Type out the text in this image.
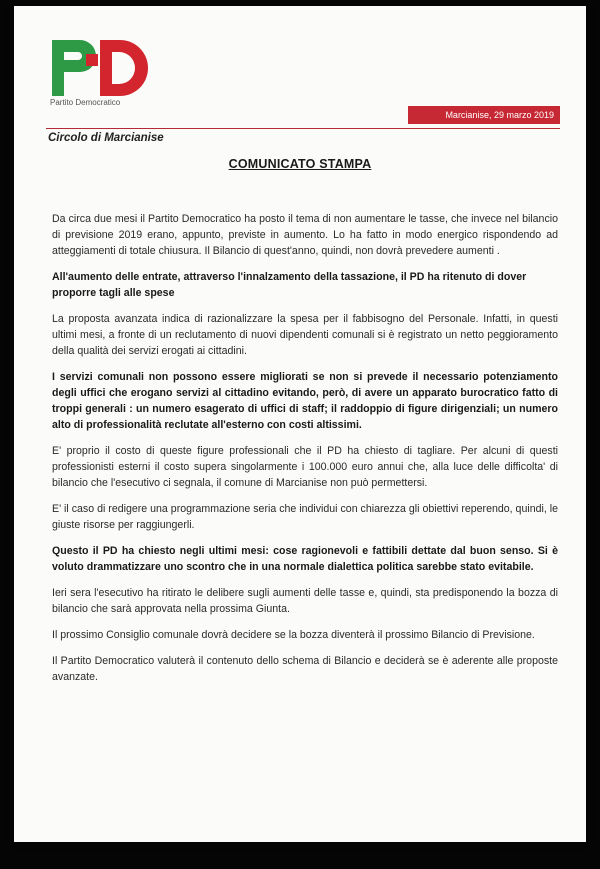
Partito Democratico
Marcianise, 29 marzo 2019
Circolo di Marcianise
COMUNICATO STAMPA

Da circa due mesi il Partito Democratico ha posto il tema di non aumentare le tasse, che invece nel bilancio di previsione 2019 erano, appunto, previste in aumento. Lo ha fatto in modo energico rispondendo ad atteggiamenti di totale chiusura. Il Bilancio di quest'anno, quindi, non dovrà prevedere aumenti .

All'aumento delle entrate, attraverso l'innalzamento della tassazione, il PD ha ritenuto di dover proporre tagli alle spese

La proposta avanzata indica di razionalizzare la spesa per il fabbisogno del Personale. Infatti, in questi ultimi mesi, a fronte di un reclutamento di nuovi dipendenti comunali si è registrato un netto peggioramento della qualità dei servizi erogati ai cittadini.

I servizi comunali non possono essere migliorati se non si prevede il necessario potenziamento degli uffici che erogano servizi al cittadino evitando, però, di avere un apparato burocratico fatto di troppi generali : un numero esagerato di uffici di staff; il raddoppio di figure dirigenziali; un numero alto di professionalità reclutate all'esterno con costi altissimi.

E' proprio il costo di queste figure professionali che il PD ha chiesto di tagliare. Per alcuni di questi professionisti esterni il costo supera singolarmente i 100.000 euro annui che, alla luce delle difficolta' di bilancio che l'esecutivo ci segnala, il comune di Marcianise non può permettersi.

E' il caso di redigere una programmazione seria che individui con chiarezza gli obiettivi reperendo, quindi, le giuste risorse per raggiungerli.

Questo il PD ha chiesto negli ultimi mesi: cose ragionevoli e fattibili dettate dal buon senso. Si è voluto drammatizzare uno scontro che in una normale dialettica politica sarebbe stato evitabile.

Ieri sera l'esecutivo ha ritirato le delibere sugli aumenti delle tasse e, quindi, sta predisponendo la bozza di bilancio che sarà approvata nella prossima Giunta.

Il prossimo Consiglio comunale dovrà decidere se la bozza diventerà il prossimo Bilancio di Previsione.

Il Partito Democratico valuterà il contenuto dello schema di Bilancio e deciderà se è aderente alle proposte avanzate.
